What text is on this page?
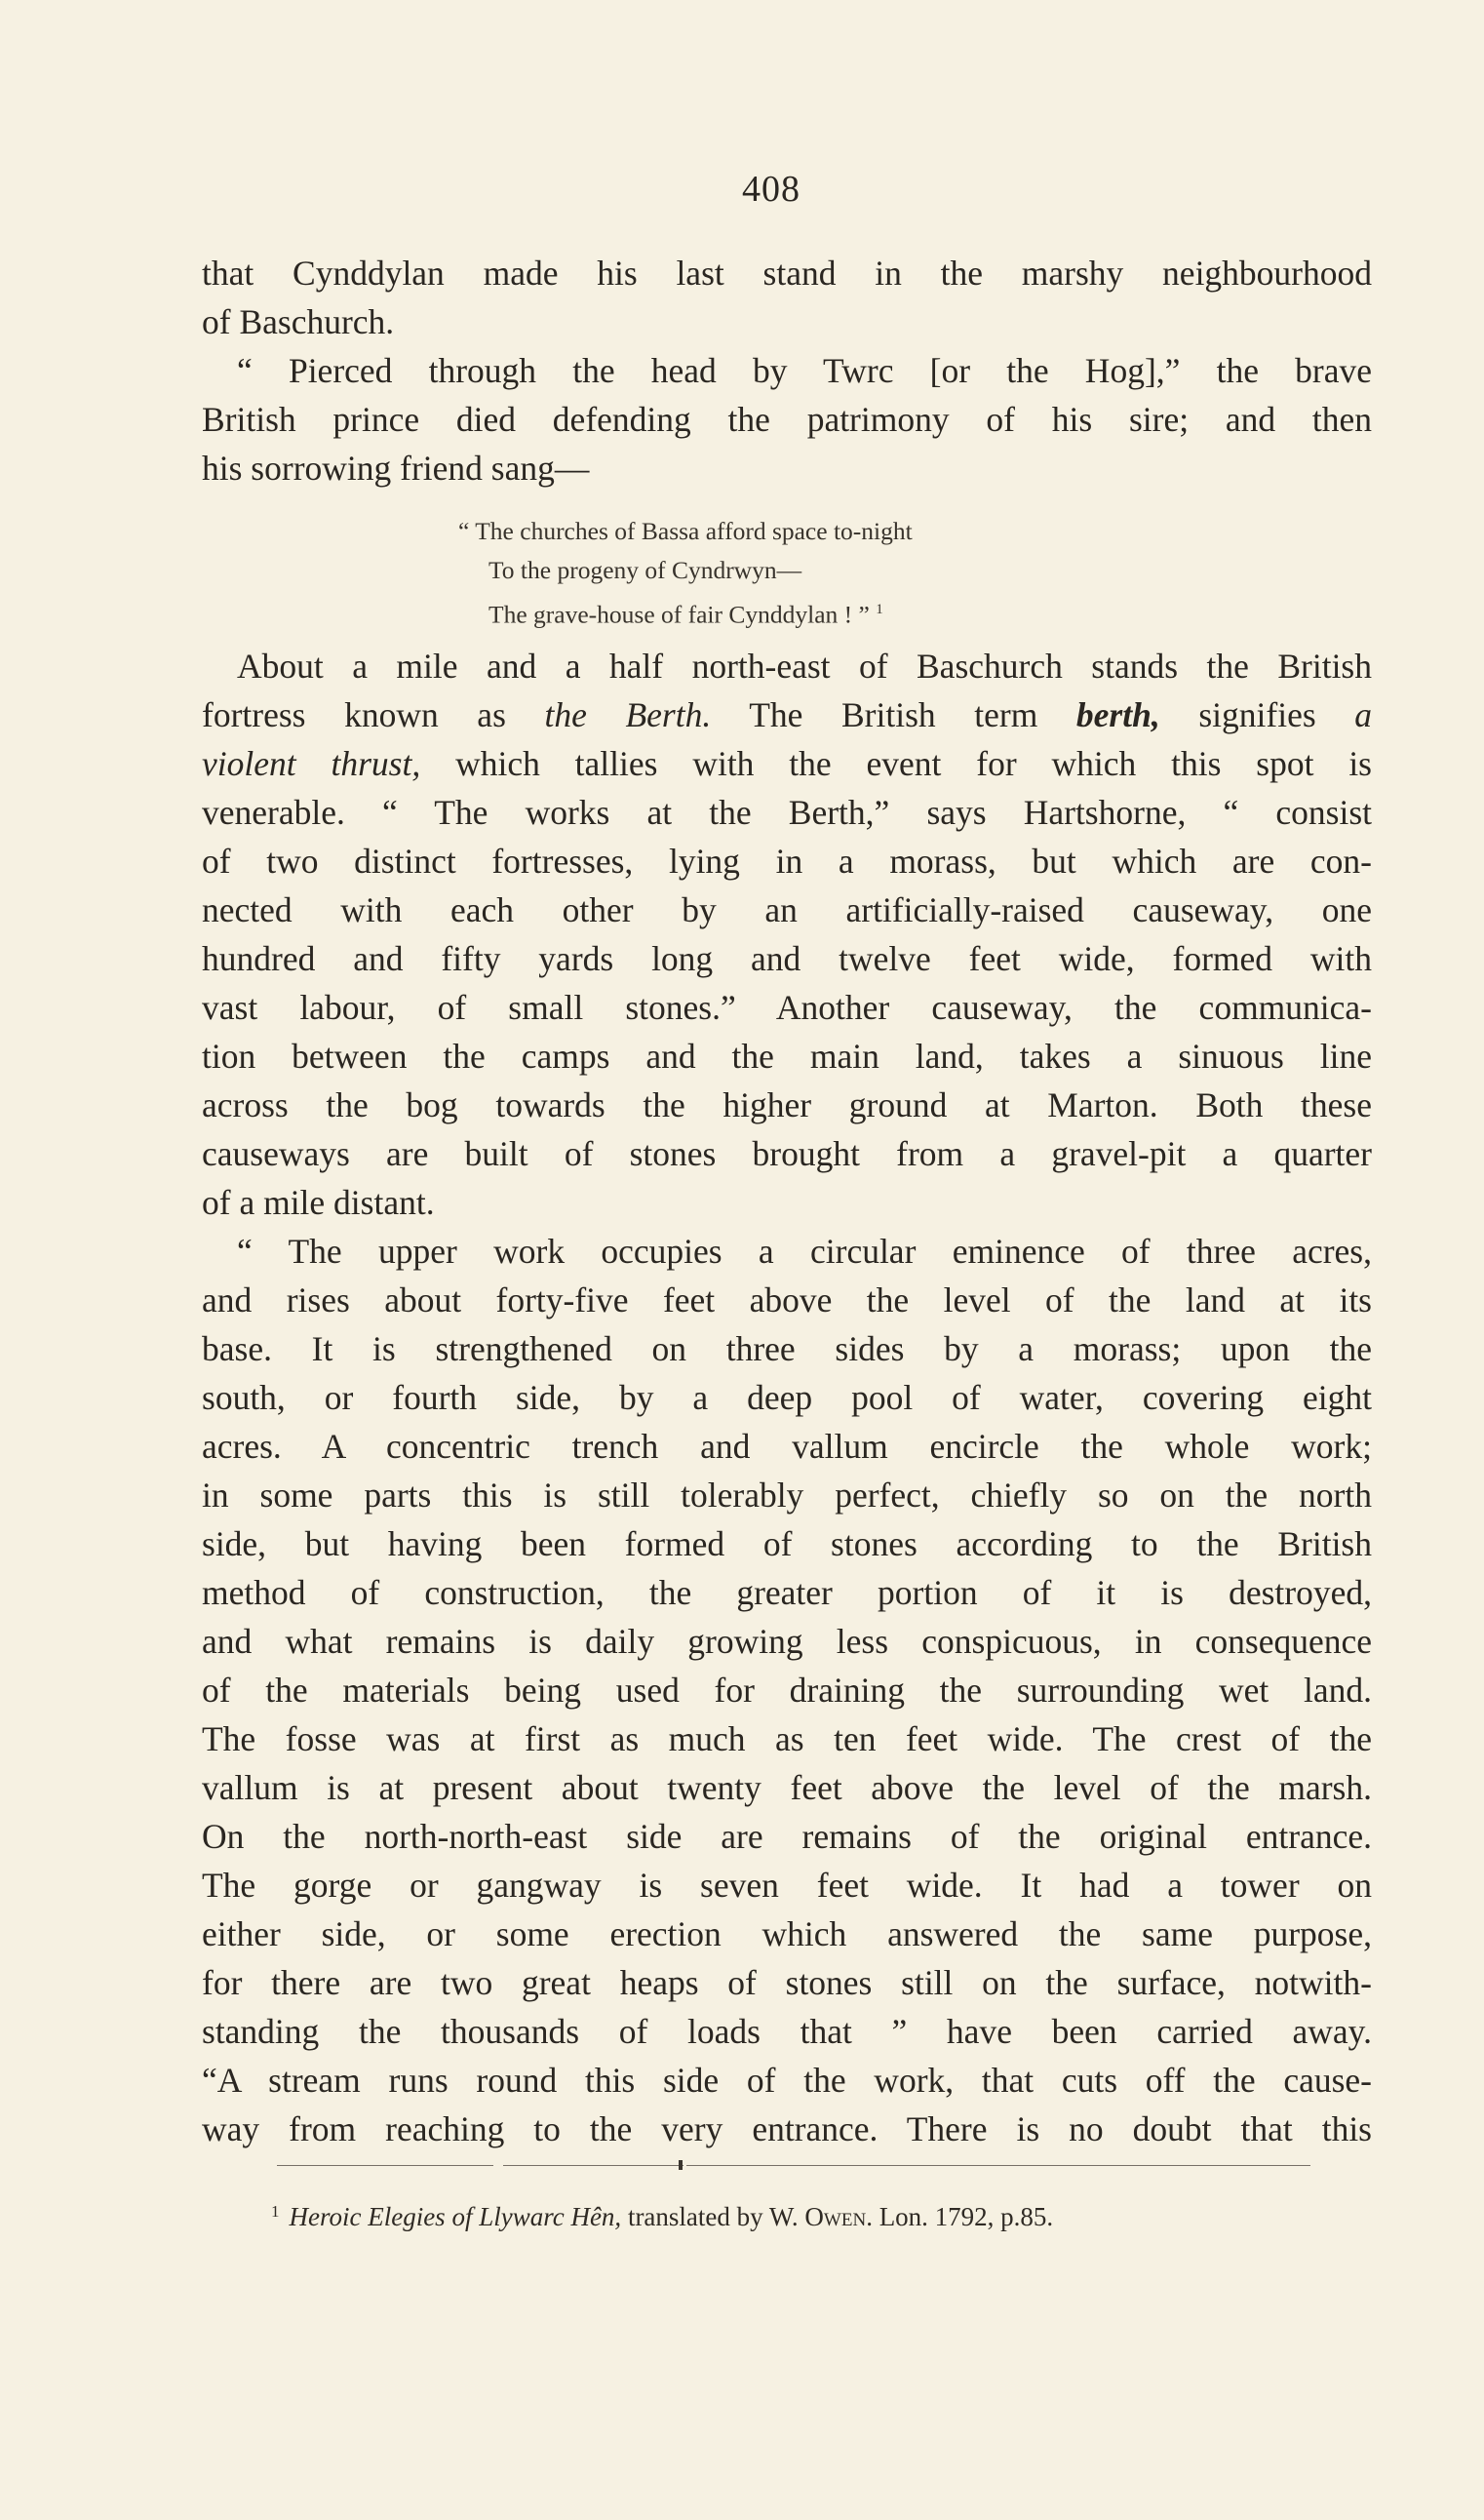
408
that Cynddylan made his last stand in the marshy neighbourhood
of Baschurch.
“ Pierced through the head by Twrc [or the Hog],” the brave
British prince died defending the patrimony of his sire; and then
his sorrowing friend sang—
“ The churches of Bassa afford space to-night
To the progeny of Cyndrwyn—
The grave-house of fair Cynddylan ! ” $^1$
About a mile and a half north-east of Baschurch stands the British
fortress known as the Berth. The British term berth, signifies a
violent thrust, which tallies with the event for which this spot is
venerable. “ The works at the Berth,” says Hartshorne, “ consist
of two distinct fortresses, lying in a morass, but which are con-
nected with each other by an artificially-raised causeway, one
hundred and fifty yards long and twelve feet wide, formed with
vast labour, of small stones.” Another causeway, the communica-
tion between the camps and the main land, takes a sinuous line
across the bog towards the higher ground at Marton. Both these
causeways are built of stones brought from a gravel-pit a quarter
of a mile distant.
“ The upper work occupies a circular eminence of three acres,
and rises about forty-five feet above the level of the land at its
base. It is strengthened on three sides by a morass; upon the
south, or fourth side, by a deep pool of water, covering eight
acres. A concentric trench and vallum encircle the whole work;
in some parts this is still tolerably perfect, chiefly so on the north
side, but having been formed of stones according to the British
method of construction, the greater portion of it is destroyed,
and what remains is daily growing less conspicuous, in consequence
of the materials being used for draining the surrounding wet land.
The fosse was at first as much as ten feet wide. The crest of the
vallum is at present about twenty feet above the level of the marsh.
On the north-north-east side are remains of the original entrance.
The gorge or gangway is seven feet wide. It had a tower on
either side, or some erection which answered the same purpose,
for there are two great heaps of stones still on the surface, notwith-
standing the thousands of loads that ” have been carried away.
“A stream runs round this side of the work, that cuts off the cause-
way from reaching to the very entrance. There is no doubt that this
$^1$ Heroic Elegies of Llywarc Hên, translated by W. Owen. Lon. 1792, p.85.
